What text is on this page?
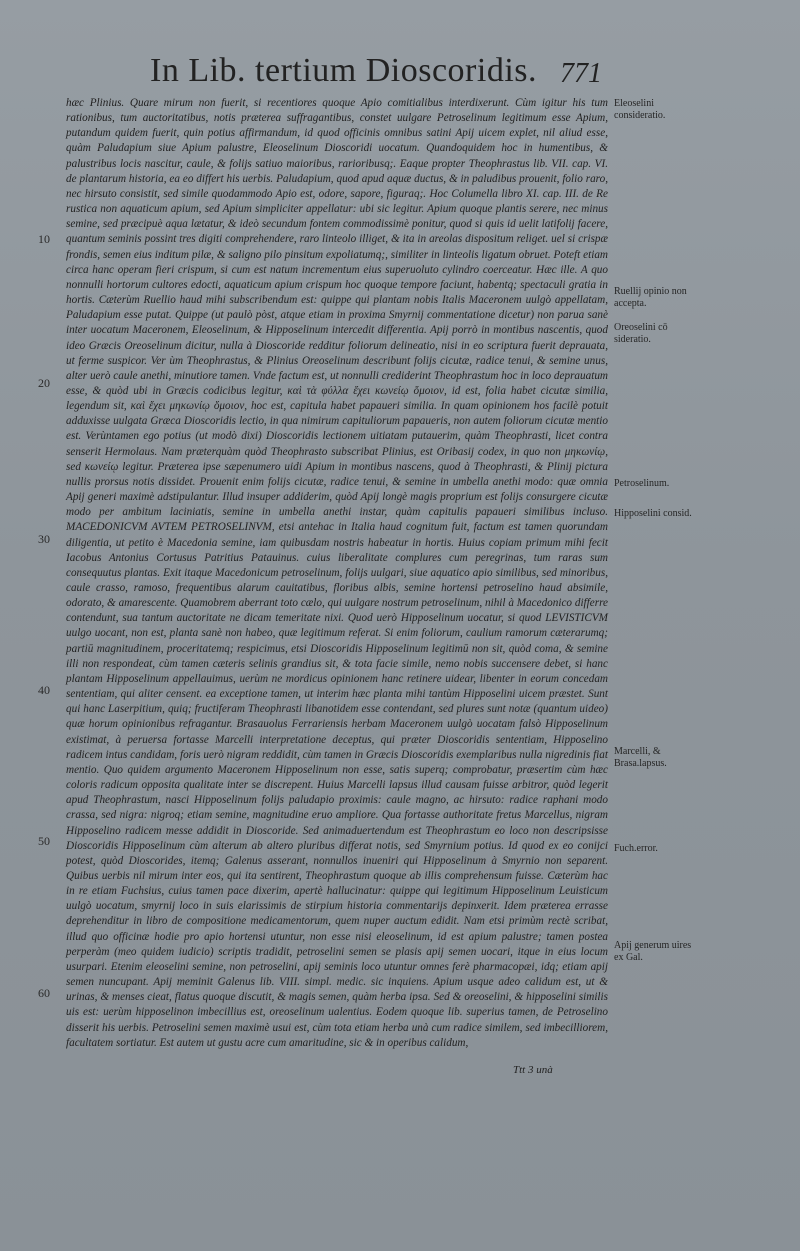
In Lib. tertium Dioscoridis. 771

hæc Plinius. Quare mirum non fuerit, si recentiores quoque Apio comitialibus interdixerunt. Cùm igitur his tum rationibus, tum auctoritatibus, notis præterea suffragantibus, constet uulgare Petroselinum legitimum esse Apium, putandum quidem fuerit, quin potius affirmandum, id quod officinis omnibus satini Apij uicem explet, nil aliud esse, quàm Paludapium siue Apium palustre, Eleoselinum Dioscoridi uocatum. Quandoquidem hoc in humentibus, & palustribus locis nascitur, caule, & folijs satiuo maioribus, rarioribusq;. Eaque propter Theophrastus lib. VII. cap. VI. de plantarum historia, ea eo differt his uerbis. Paludapium, quod apud aquæ ductus, & in paludibus prouenit, folio raro, nec hirsuto consistit, sed simile quodammodo Apio est, odore, sapore, figuraq;. Hoc Columella libro XI. cap. III. de Re rustica non aquaticum apium, sed Apium simpliciter appellatur: ubi sic legitur. Apium quoque plantis serere, nec minus semine, sed præcipuè aqua lætatur, & ideò secundum fontem commodissimè ponitur, quod si quis id uelit latifolij facere, quantum seminis possint tres digiti comprehendere, raro linteolo illiget, & ita in areolas dispositum religet. uel si crispæ frondis, semen eius inditum pilæ, & saligno pilo pinsitum expoliatumq;, similiter in linteolis ligatum obruet. Poteft etiam circa hanc operam fieri crispum, si cum est natum incrementum eius superuoluto cylindro coerceatur. Hæc ille. A quo nonnulli hortorum cultores edocti, aquaticum apium crispum hoc quoque tempore faciunt, habentq; spectaculi gratia in hortis. Cæterùm Ruellio haud mihi subscribendum est: quippe qui plantam nobis Italis Maceronem uulgò appellatam, Paludapium esse putat. Quippe (ut paulò pòst, atque etiam in proxima Smyrnij commentatione dicetur) non parua sanè inter uocatum Maceronem, Eleoselinum, & Hipposelinum intercedit differentia. Apij porrò in montibus nascentis, quod ideo Græcis Oreoselinum dicitur, nulla à Dioscoride redditur foliorum delineatio, nisi in eo scriptura fuerit deprauata, ut ferme suspicor. Ver ùm Theophrastus, & Plinius Oreoselinum describunt folijs cicutæ, radice tenui, & semine unus, alter uerò caule anethi, minutiore tamen. Vnde factum est, ut nonnulli crediderint Theophrastum hoc in loco deprauatum esse, & quòd ubi in Græcis codicibus legitur, καὶ τὰ φύλλα ἔχει κωνείῳ ὅμοιον, id est, folia habet cicutæ similia, legendum sit, καὶ ἔχει μηκωνίῳ ὅμοιον, hoc est, capitula habet papaueri similia. In quam opinionem hos facilè potuit adduxisse uulgata Græca Dioscoridis lectio, in qua nimirum capituliorum papaueris, non autem foliorum cicutæ mentio est. Verùntamen ego potius (ut modò dixi) Dioscoridis lectionem uitiatam putauerim, quàm Theophrasti, licet contra senserit Hermolaus. Nam præterquàm quòd Theophrasto subscribat Plinius, est Oribasij codex, in quo non μηκωνίῳ, sed κωνείῳ legitur. Præterea ipse sæpenumero uidi Apium in montibus nascens, quod à Theophrasti, & Plinij pictura nullis prorsus notis dissidet. Prouenit enim folijs cicutæ, radice tenui, & semine in umbella anethi modo: quæ omnia Apij generi maximè adstipulantur. Illud insuper addiderim, quòd Apij longè magis proprium est folijs consurgere cicutæ modo per ambitum laciniatis, semine in umbella anethi instar, quàm capitulis papaueri similibus incluso. MACEDONICVM AVTEM PETROSELINVM, etsi antehac in Italia haud cognitum fuit, factum est tamen quorundam diligentia, ut petito è Macedonia semine, iam quibusdam nostris habeatur in hortis. Huius copiam primum mihi fecit Iacobus Antonius Cortusus Patritius Patauinus. cuius liberalitate complures cum peregrinas, tum raras sum consequutus plantas. Exit itaque Macedonicum petroselinum, folijs uulgari, siue aquatico apio similibus, sed minoribus, caule crasso, ramoso, frequentibus alarum cauitatibus, floribus albis, semine hortensi petroselino haud absimile, odorato, & amarescente. Quamobrem aberrant toto cælo, qui uulgare nostrum petroselinum, nihil à Macedonico differre contendunt, sua tantum auctoritate ne dicam temeritate nixi. Quod uerò Hipposelinum uocatur, si quod LEVISTICVM uulgo uocant, non est, planta sanè non habeo, quæ legitimum referat. Si enim foliorum, caulium ramorum cæterarumq; partiū magnitudinem, proceritatemq; respicimus, etsi Dioscoridis Hipposelinum legitimū non sit, quòd coma, & semine illi non respondeat, cùm tamen cæteris selinis grandius sit, & tota facie simile, nemo nobis succensere debet, si hanc plantam Hipposelinum appellauimus, uerùm ne mordicus opinionem hanc retinere uidear, libenter in eorum concedam sententiam, qui aliter censent. ea exceptione tamen, ut interim hæc planta mihi tantùm Hipposelini uicem præstet. Sunt qui hanc Laserpitium, quiq; fructiferam Theophrasti libanotidem esse contendant, sed plures sunt notæ (quantum uideo) quæ horum opinionibus refragantur. Brasauolus Ferrariensis herbam Maceronem uulgò uocatam falsò Hipposelinum existimat, à peruersa fortasse Marcelli interpretatione deceptus, qui præter Dioscoridis sententiam, Hipposelino radicem intus candidam, foris uerò nigram reddidit, cùm tamen in Græcis Dioscoridis exemplaribus nulla nigredinis fiat mentio. Quo quidem argumento Maceronem Hipposelinum non esse, satis superq; comprobatur, præsertim cùm hæc coloris radicum opposita qualitate inter se discrepent. Huius Marcelli lapsus illud causam fuisse arbitror, quòd legerit apud Theophrastum, nasci Hipposelinum folijs paludapio proximis: caule magno, ac hirsuto: radice raphani modo crassa, sed nigra: nigroq; etiam semine, magnitudine eruo ampliore. Qua fortasse authoritate fretus Marcellus, nigram Hipposelino radicem messe addidit in Dioscoride. Sed animaduertendum est Theophrastum eo loco non descripsisse Dioscoridis Hipposelinum cùm alterum ab altero pluribus differat notis, sed Smyrnium potius. Id quod ex eo conijci potest, quòd Dioscorides, itemq; Galenus asserant, nonnullos inueniri qui Hipposelinum à Smyrnio non separent. Quibus uerbis nil mirum inter eos, qui ita sentirent, Theophrastum quoque ab illis comprehensum fuisse. Cæterùm hac in re etiam Fuchsius, cuius tamen pace dixerim, apertè hallucinatur: quippe qui legitimum Hipposelinum Leuisticum uulgò uocatum, smyrnij loco in suis elarissimis de stirpium historia commentarijs depinxerit. Idem præterea errasse deprehenditur in libro de compositione medicamentorum, quem nuper auctum edidit. Nam etsi primùm rectè scribat, illud quo officinæ hodie pro apio hortensi utuntur, non esse nisi eleoselinum, id est apium palustre; tamen postea perperàm (meo quidem iudicio) scriptis tradidit, petroselini semen se plasis apij semen uocari, itque in eius locum usurpari. Etenim eleoselini semine, non petroselini, apij seminis loco utuntur omnes ferè pharmacopæi, idq; etiam apij semen nuncupant. Apij meminit Galenus lib. VIII. simpl. medic. sic inquiens. Apium usque adeo calidum est, ut & urinas, & menses cieat, flatus quoque discutit, & magis semen, quàm herba ipsa. Sed & oreoselini, & hipposelini similis uis est: uerùm hipposelinon imbecillius est, oreoselinum ualentius. Eodem quoque lib. superius tamen, de Petroselino disserit his uerbis. Petroselini semen maximè usui est, cùm tota etiam herba unà cum radice similem, sed imbecilliorem, facultatem sortiatur. Est autem ut gustu acre cum amaritudine, sic & in operibus calidum,

10
20
30
40
50
60
Eleoselini consideratio.
Ruellij opinio non accepta.
Oreoselini cō sideratio.
Petroselinum.
Hipposelini consid.
Marcelli, & Brasa.lapsus.
Fuch.error.
Apij generum uires ex Gal.
Ttt 3 unà
